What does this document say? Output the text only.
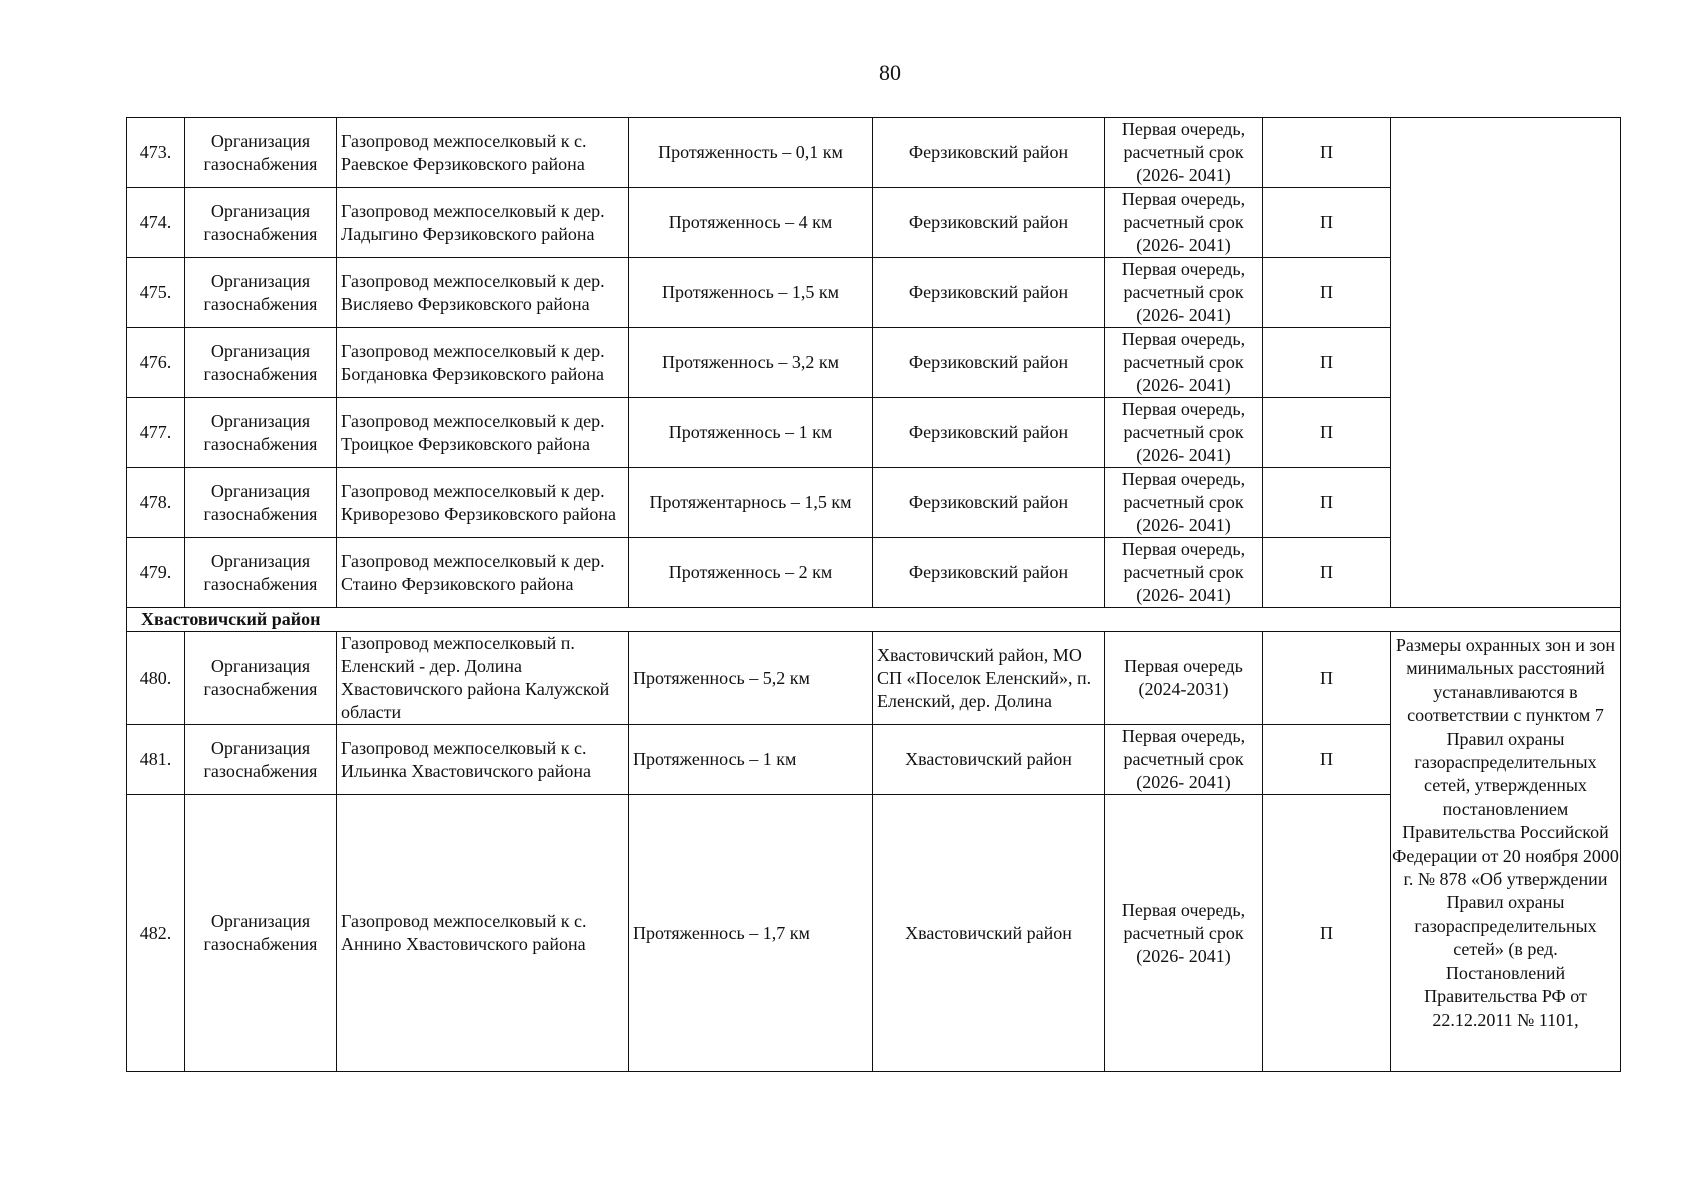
80
473.	Организация газоснабжения	Газопровод межпоселковый к с. Раевское Ферзиковского района	Протяженность – 0,1 км	Ферзиковский район	Первая очередь, расчетный срок (2026- 2041)	П	
474.	Организация газоснабжения	Газопровод межпоселковый к дер. Ладыгино Ферзиковского района	Протяженнось – 4 км	Ферзиковский район	Первая очередь, расчетный срок (2026- 2041)	П	
475.	Организация газоснабжения	Газопровод межпоселковый к дер. Висляево Ферзиковского района	Протяженнось – 1,5 км	Ферзиковский район	Первая очередь, расчетный срок (2026- 2041)	П	
476.	Организация газоснабжения	Газопровод межпоселковый к дер. Богдановка Ферзиковского района	Протяженнось – 3,2 км	Ферзиковский район	Первая очередь, расчетный срок (2026- 2041)	П	
477.	Организация газоснабжения	Газопровод межпоселковый к дер. Троицкое Ферзиковского района	Протяженнось – 1 км	Ферзиковский район	Первая очередь, расчетный срок (2026- 2041)	П	
478.	Организация газоснабжения	Газопровод межпоселковый к дер. Криворезово Ферзиковского района	Протяжентарнось – 1,5 км	Ферзиковский район	Первая очередь, расчетный срок (2026- 2041)	П	
479.	Организация газоснабжения	Газопровод межпоселковый к дер. Стаино Ферзиковского района	Протяженнось – 2 км	Ферзиковский район	Первая очередь, расчетный срок (2026- 2041)	П	
Хвастовичский район							
480.	Организация газоснабжения	Газопровод межпоселковый п. Еленский - дер. Долина Хвастовичского района Калужской области	Протяженнось – 5,2 км	Хвастовичский район, МО СП «Поселок Еленский», п. Еленский, дер. Долина	Первая очередь (2024-2031)	П	Размеры охранных зон и зон минимальных расстояний устанавливаются в соответствии с пунктом 7 Правил охраны газораспределительных сетей, утвержденных постановлением Правительства Российской Федерации от 20 ноября 2000 г. № 878 «Об утверждении Правил охраны газораспределительных сетей» (в ред. Постановлений Правительства РФ от 22.12.2011 № 1101,
481.	Организация газоснабжения	Газопровод межпоселковый к с. Ильинка Хвастовичского района	Протяженнось – 1 км	Хвастовичский район	Первая очередь, расчетный срок (2026- 2041)	П	
482.	Организация газоснабжения	Газопровод межпоселковый к с. Аннино Хвастовичского района	Протяженнось – 1,7 км	Хвастовичский район	Первая очередь, расчетный срок (2026- 2041)	П	
